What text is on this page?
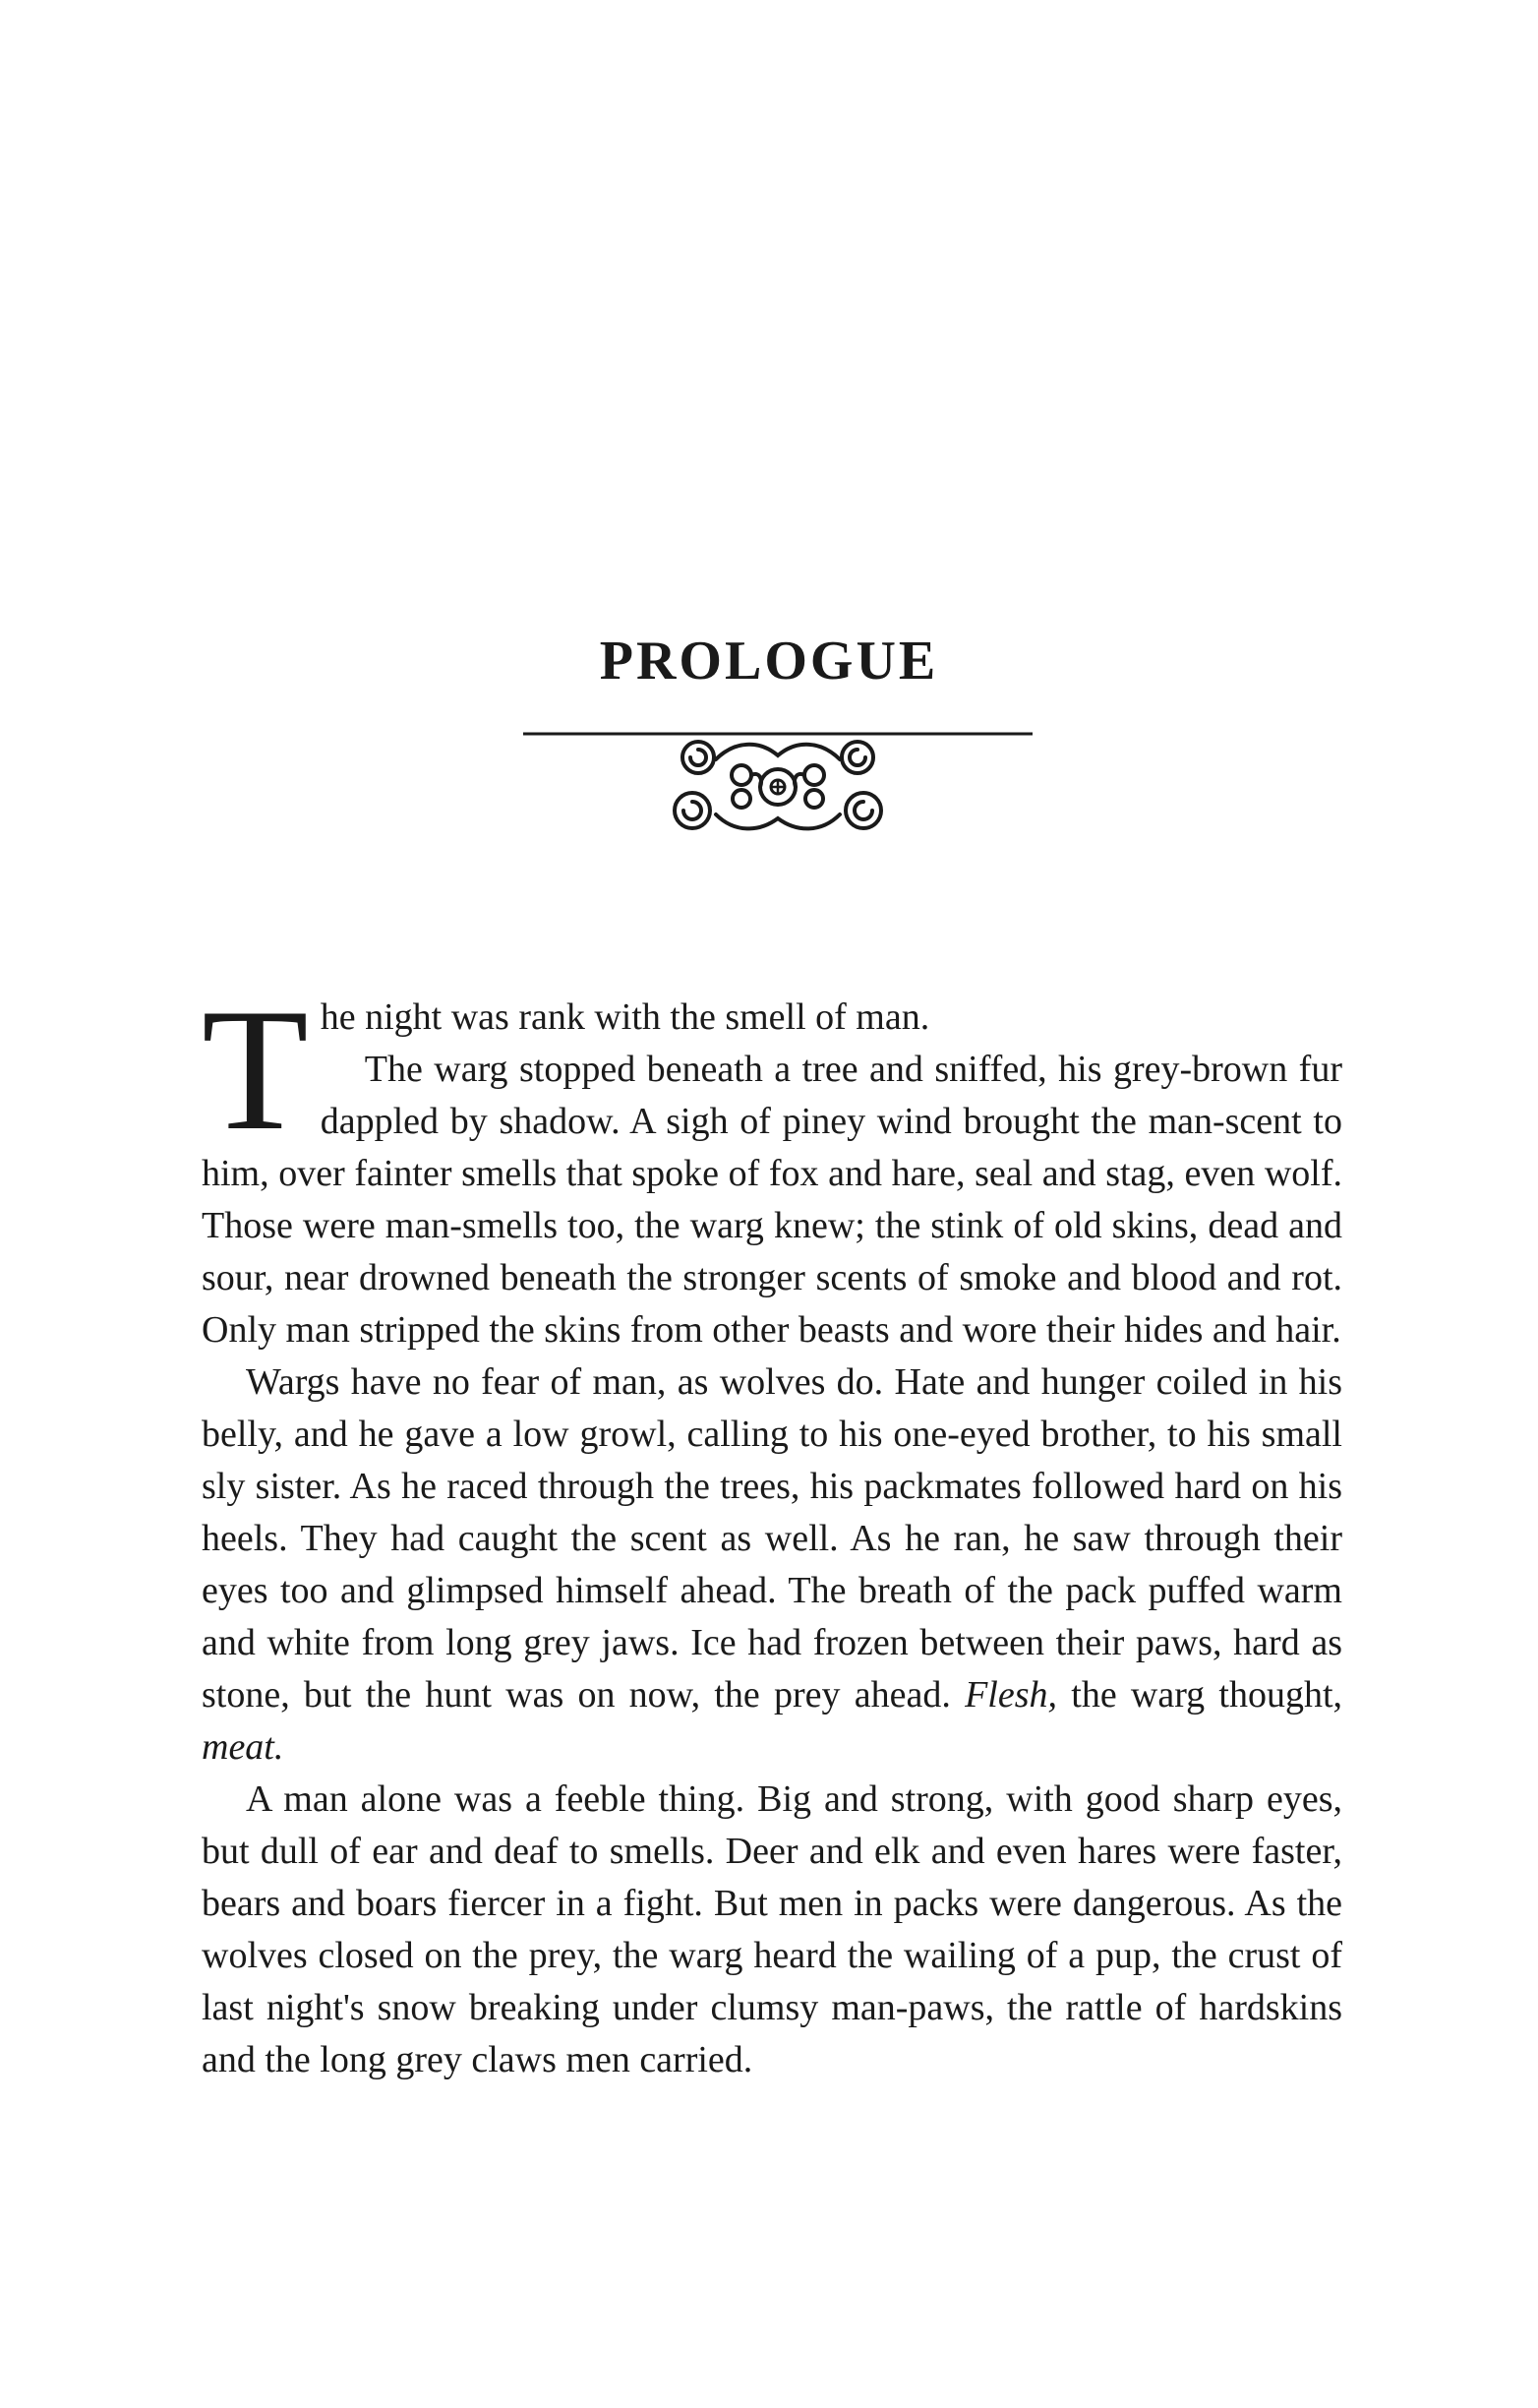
PROLOGUE

The night was rank with the smell of man.

The warg stopped beneath a tree and sniffed, his grey-brown fur dappled by shadow. A sigh of piney wind brought the man-scent to him, over fainter smells that spoke of fox and hare, seal and stag, even wolf. Those were man-smells too, the warg knew; the stink of old skins, dead and sour, near drowned beneath the stronger scents of smoke and blood and rot. Only man stripped the skins from other beasts and wore their hides and hair.

Wargs have no fear of man, as wolves do. Hate and hunger coiled in his belly, and he gave a low growl, calling to his one-eyed brother, to his small sly sister. As he raced through the trees, his packmates followed hard on his heels. They had caught the scent as well. As he ran, he saw through their eyes too and glimpsed himself ahead. The breath of the pack puffed warm and white from long grey jaws. Ice had frozen between their paws, hard as stone, but the hunt was on now, the prey ahead. Flesh, the warg thought, meat.

A man alone was a feeble thing. Big and strong, with good sharp eyes, but dull of ear and deaf to smells. Deer and elk and even hares were faster, bears and boars fiercer in a fight. But men in packs were dangerous. As the wolves closed on the prey, the warg heard the wailing of a pup, the crust of last night's snow breaking under clumsy man-paws, the rattle of hardskins and the long grey claws men carried.
